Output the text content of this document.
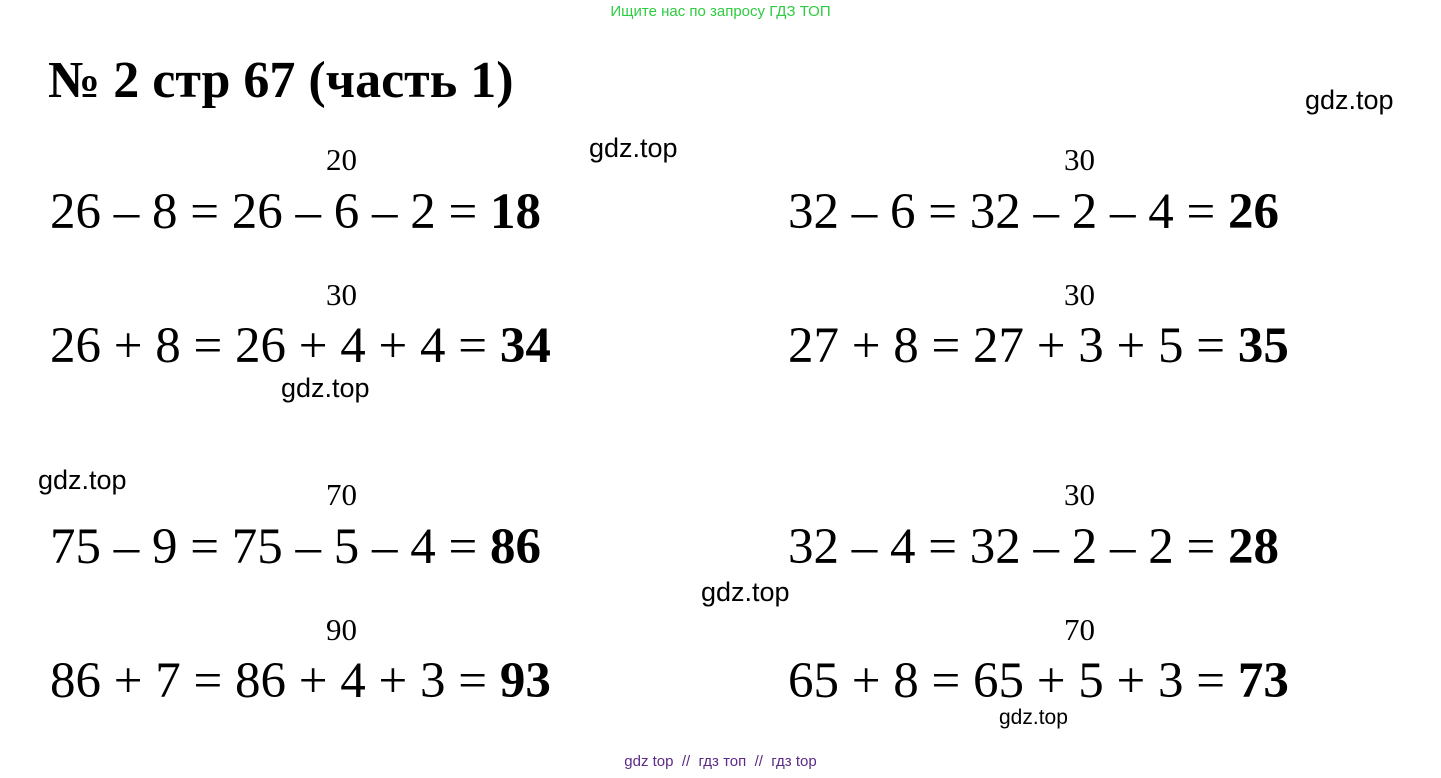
Ищите нас по запросу ГДЗ ТОП
№ 2 стр 67 (часть 1)	gdz.top
gdz.top
gdz.top
gdz.top
gdz.top
gdz.top
20
26 – 8 = 26 – 6 – 2 = 18
30
32 – 6 = 32 – 2 – 4 = 26
30
26 + 8 = 26 + 4 + 4 = 34
30
27 + 8 = 27 + 3 + 5 = 35
70
75 – 9 = 75 – 5 – 4 = 86
30
32 – 4 = 32 – 2 – 2 = 28
90
86 + 7 = 86 + 4 + 3 = 93
70
65 + 8 = 65 + 5 + 3 = 73
gdz top  //  гдз топ  //  гдз top
